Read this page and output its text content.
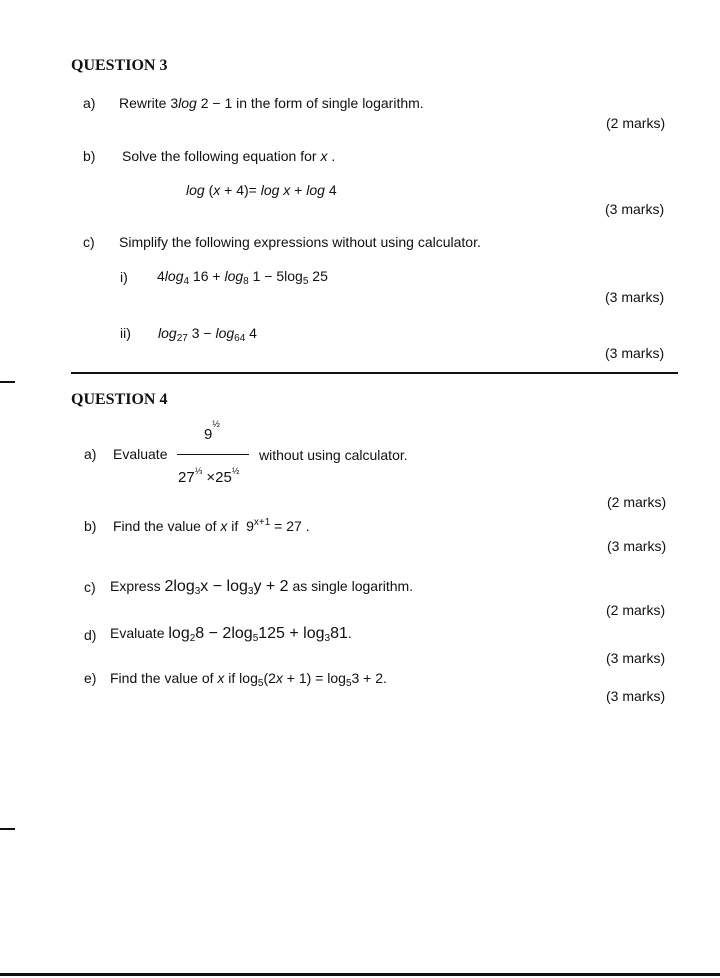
QUESTION 3
a) Rewrite 3log 2 − 1 in the form of single logarithm.
(2 marks)
b) Solve the following equation for x .
log (x + 4)= log x + log 4
(3 marks)
c) Simplify the following expressions without using calculator.
i) $4\log_4$ $16 + \log_8 1 - 5\log_5$ 25
(3 marks)
ii) $\log_{27} 3 - \log_{64} 4$
(3 marks)
QUESTION 4
a) Evaluate
$9^{\frac{1}{2}}$
$27^{\frac{1}{3}} \times 25^{\frac{1}{2}}$
without using calculator.
(2 marks)
b) Find the value of x if  $9^{x+1} = 27$ .
(3 marks)
c) Express $2\log_3x - \log_3y + 2$ as single logarithm.
(2 marks)
d) Evaluate $\log_28 - 2\log_5125 + \log_381$.
(3 marks)
e) Find the value of x if $\log_5(2x + 1) = \log_53 + 2$.
(3 marks)
